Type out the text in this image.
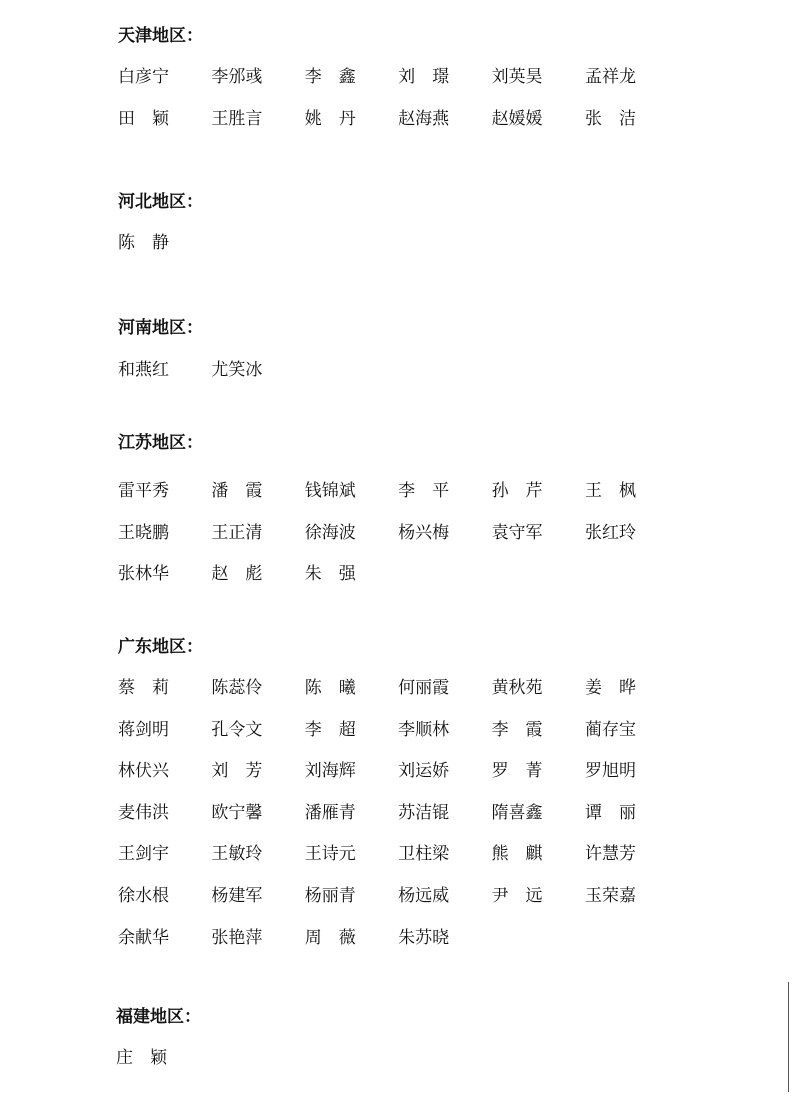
天津地区：
白彦宁	李邠彧	李　鑫	刘　璟	刘英昊	孟祥龙
田　颖	王胜言	姚　丹	赵海燕	赵媛媛	张　洁
河北地区：
陈　静
河南地区：
和燕红	尤笑冰
江苏地区：
雷平秀	潘　霞	钱锦斌	李　平	孙　芹	王　枫
王晓鹏	王正清	徐海波	杨兴梅	袁守军	张红玲
张林华	赵　彪	朱　强
广东地区：
蔡　莉	陈蕊伶	陈　曦	何丽霞	黄秋苑	姜　晔
蒋剑明	孔令文	李　超	李顺林	李　霞	蔺存宝
林伏兴	刘　芳	刘海辉	刘运娇	罗　菁	罗旭明
麦伟洪	欧宁馨	潘雁青	苏洁锟	隋喜鑫	谭　丽
王剑宇	王敏玲	王诗元	卫柱梁	熊　麒	许慧芳
徐水根	杨建军	杨丽青	杨远威	尹　远	玉荣嘉
余献华	张艳萍	周　薇	朱苏晓
福建地区：
庄　颖
